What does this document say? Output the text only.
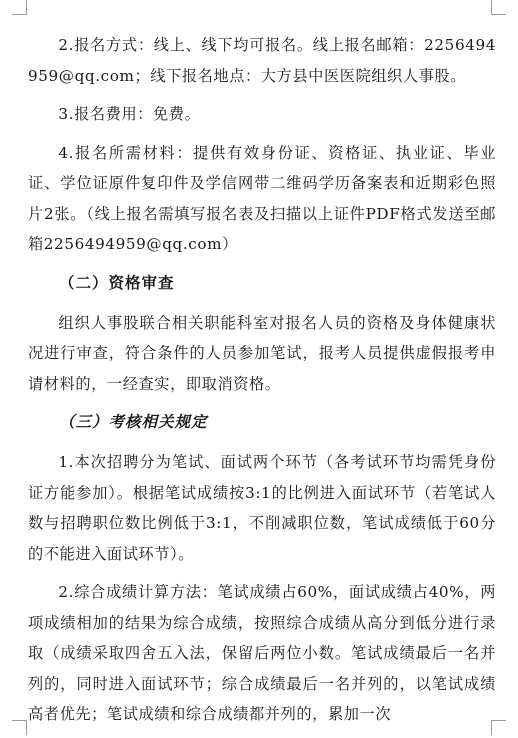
2.报名方式：线上、线下均可报名。线上报名邮箱：2256494959@qq.com；线下报名地点：大方县中医医院组织人事股。

3.报名费用：免费。

4.报名所需材料：提供有效身份证、资格证、执业证、毕业证、学位证原件复印件及学信网带二维码学历备案表和近期彩色照片2张。（线上报名需填写报名表及扫描以上证件PDF格式发送至邮箱2256494959@qq.com）

（二）资格审查

组织人事股联合相关职能科室对报名人员的资格及身体健康状况进行审查，符合条件的人员参加笔试，报考人员提供虚假报考申请材料的，一经查实，即取消资格。

（三）考核相关规定

1.本次招聘分为笔试、面试两个环节（各考试环节均需凭身份证方能参加）。根据笔试成绩按3:1的比例进入面试环节（若笔试人数与招聘职位数比例低于3:1，不削减职位数，笔试成绩低于60分的不能进入面试环节）。

2.综合成绩计算方法：笔试成绩占60%，面试成绩占40%，两项成绩相加的结果为综合成绩，按照综合成绩从高分到低分进行录取（成绩采取四舍五入法，保留后两位小数。笔试成绩最后一名并列的，同时进入面试环节；综合成绩最后一名并列的，以笔试成绩高者优先；笔试成绩和综合成绩都并列的，累加一次
